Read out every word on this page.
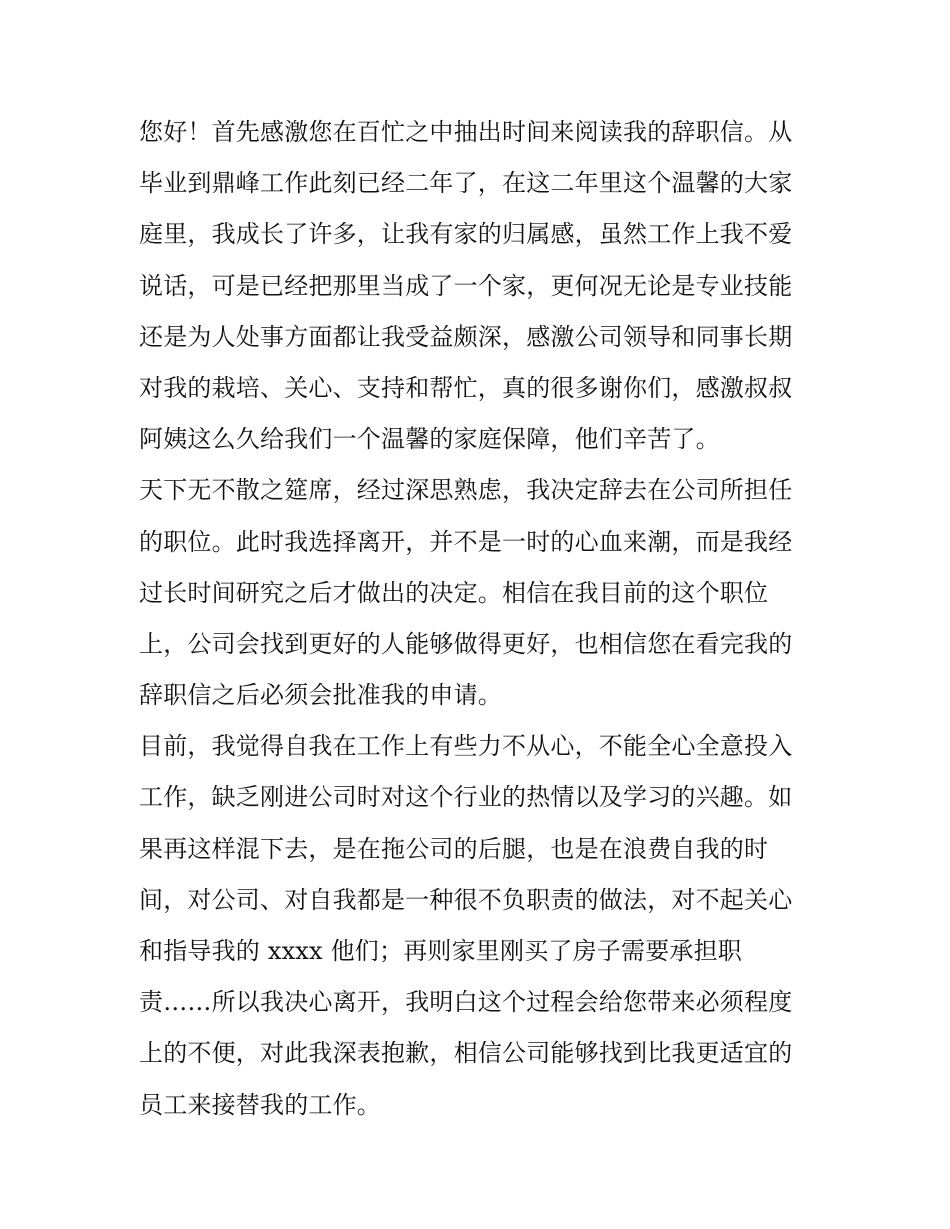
您好！首先感激您在百忙之中抽出时间来阅读我的辞职信。从
毕业到鼎峰工作此刻已经二年了，在这二年里这个温馨的大家
庭里，我成长了许多，让我有家的归属感，虽然工作上我不爱
说话，可是已经把那里当成了一个家，更何况无论是专业技能
还是为人处事方面都让我受益颇深，感激公司领导和同事长期
对我的栽培、关心、支持和帮忙，真的很多谢你们，感激叔叔
阿姨这么久给我们一个温馨的家庭保障，他们辛苦了。
天下无不散之筵席，经过深思熟虑，我决定辞去在公司所担任
的职位。此时我选择离开，并不是一时的心血来潮，而是我经
过长时间研究之后才做出的决定。相信在我目前的这个职位
上，公司会找到更好的人能够做得更好，也相信您在看完我的
辞职信之后必须会批准我的申请。
目前，我觉得自我在工作上有些力不从心，不能全心全意投入
工作，缺乏刚进公司时对这个行业的热情以及学习的兴趣。如
果再这样混下去，是在拖公司的后腿，也是在浪费自我的时
间，对公司、对自我都是一种很不负职责的做法，对不起关心
和指导我的 xxxx 他们；再则家里刚买了房子需要承担职
责……所以我决心离开，我明白这个过程会给您带来必须程度
上的不便，对此我深表抱歉，相信公司能够找到比我更适宜的
员工来接替我的工作。
